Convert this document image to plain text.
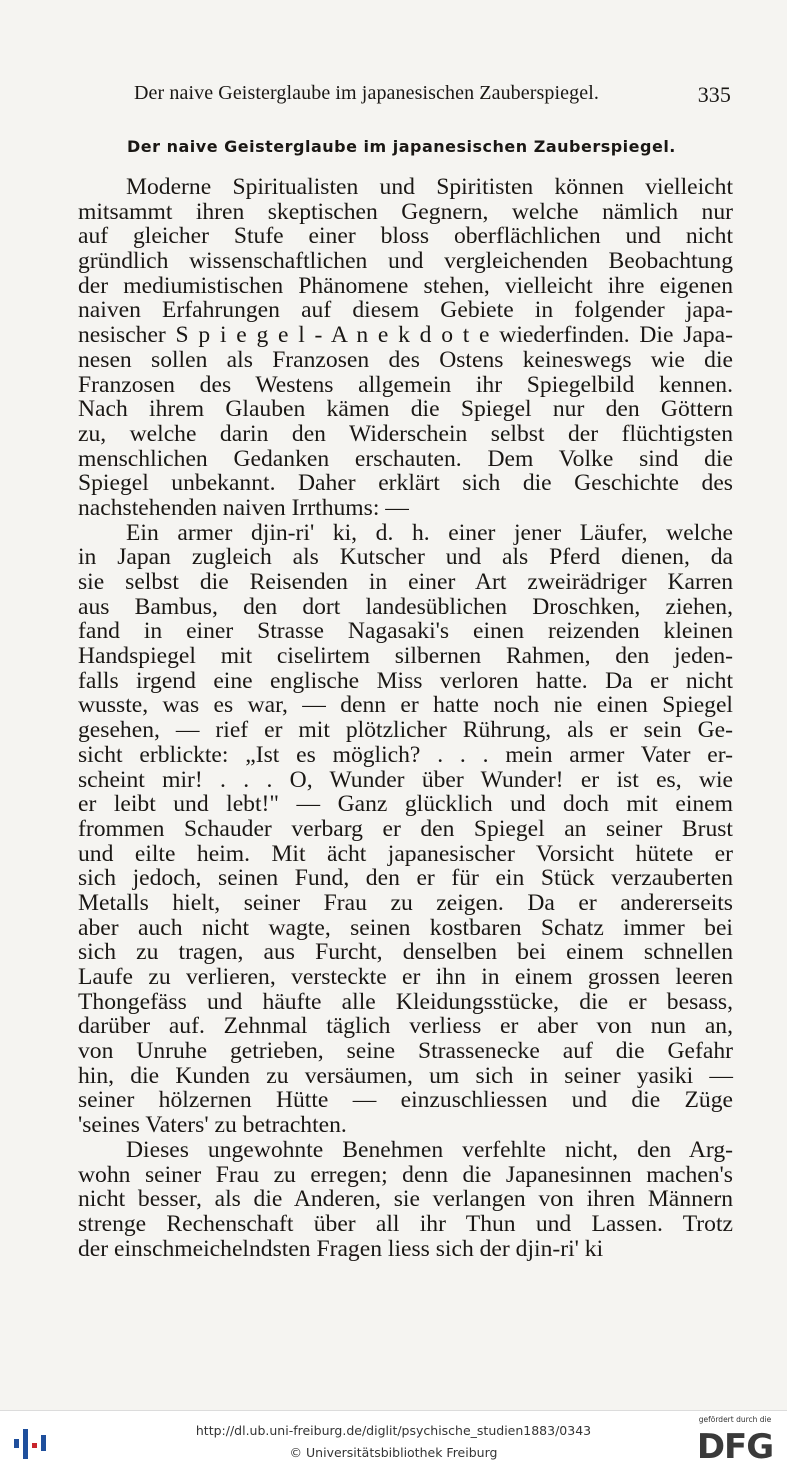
Der naive Geisterglaube im japanesischen Zauberspiegel.	335
Der naive Geisterglaube im japanesischen Zauberspiegel.
Moderne Spiritualisten und Spiritisten können vielleicht
mitsammt ihren skeptischen Gegnern, welche nämlich nur
auf gleicher Stufe einer bloss oberflächlichen und nicht
gründlich wissenschaftlichen und vergleichenden Beobachtung
der mediumistischen Phänomene stehen, vielleicht ihre eigenen
naiven Erfahrungen auf diesem Gebiete in folgender japa-
nesischer S p i e g e l - A n e k d o t e wiederfinden. Die Japa-
nesen sollen als Franzosen des Ostens keineswegs wie die
Franzosen des Westens allgemein ihr Spiegelbild kennen.
Nach ihrem Glauben kämen die Spiegel nur den Göttern
zu, welche darin den Widerschein selbst der flüchtigsten
menschlichen Gedanken erschauten. Dem Volke sind die
Spiegel unbekannt. Daher erklärt sich die Geschichte des
nachstehenden naiven Irrthums: —
Ein armer djin-ri' ki, d. h. einer jener Läufer, welche
in Japan zugleich als Kutscher und als Pferd dienen, da
sie selbst die Reisenden in einer Art zweirädriger Karren
aus Bambus, den dort landesüblichen Droschken, ziehen,
fand in einer Strasse Nagasaki's einen reizenden kleinen
Handspiegel mit ciselirtem silbernen Rahmen, den jeden-
falls irgend eine englische Miss verloren hatte. Da er nicht
wusste, was es war, — denn er hatte noch nie einen Spiegel
gesehen, — rief er mit plötzlicher Rührung, als er sein Ge-
sicht erblickte: „Ist es möglich? . . . mein armer Vater er-
scheint mir! . . . O, Wunder über Wunder! er ist es, wie
er leibt und lebt!" — Ganz glücklich und doch mit einem
frommen Schauder verbarg er den Spiegel an seiner Brust
und eilte heim. Mit ächt japanesischer Vorsicht hütete er
sich jedoch, seinen Fund, den er für ein Stück verzauberten
Metalls hielt, seiner Frau zu zeigen. Da er andererseits
aber auch nicht wagte, seinen kostbaren Schatz immer bei
sich zu tragen, aus Furcht, denselben bei einem schnellen
Laufe zu verlieren, versteckte er ihn in einem grossen leeren
Thongefäss und häufte alle Kleidungsstücke, die er besass,
darüber auf. Zehnmal täglich verliess er aber von nun an,
von Unruhe getrieben, seine Strassenecke auf die Gefahr
hin, die Kunden zu versäumen, um sich in seiner yasiki —
seiner hölzernen Hütte — einzuschliessen und die Züge
'seines Vaters' zu betrachten.
Dieses ungewohnte Benehmen verfehlte nicht, den Arg-
wohn seiner Frau zu erregen; denn die Japanesinnen machen's
nicht besser, als die Anderen, sie verlangen von ihren Männern
strenge Rechenschaft über all ihr Thun und Lassen. Trotz
der einschmeichelndsten Fragen liess sich der djin-ri' ki
http://dl.ub.uni-freiburg.de/diglit/psychische_studien1883/0343
© Universitätsbibliothek Freiburg
gefördert durch die
DFG
